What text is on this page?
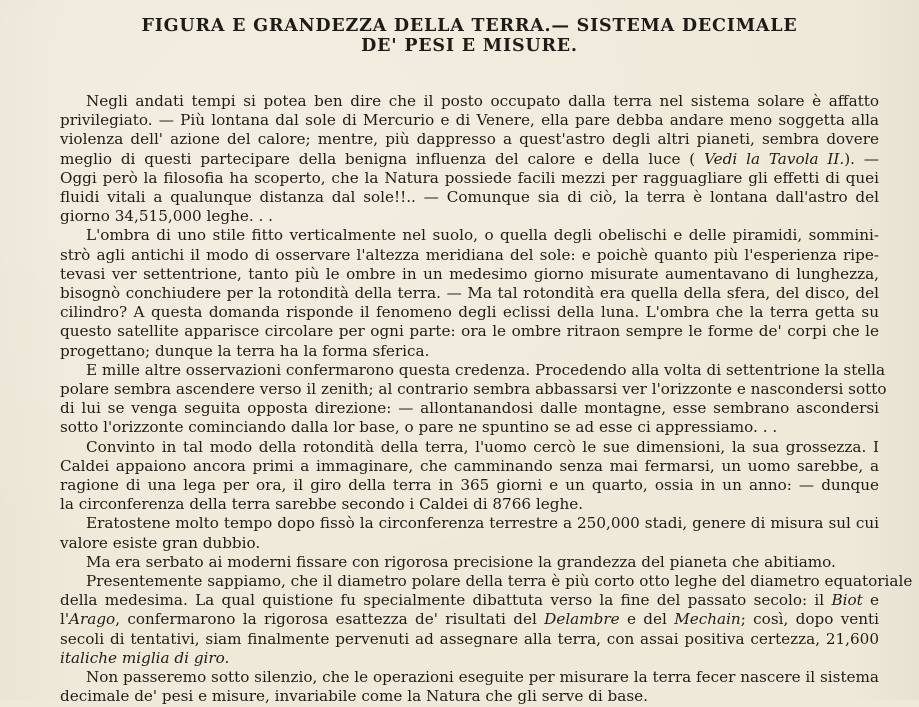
FIGURA E GRANDEZZA DELLA TERRA.— SISTEMA DECIMALE
DE' PESI E MISURE.
Negli andati tempi si potea ben dire che il posto occupato dalla terra nel sistema solare è affatto
privilegiato. — Più lontana dal sole di Mercurio e di Venere, ella pare debba andare meno soggetta alla
violenza dell' azione del calore; mentre, più dappresso a quest'astro degli altri pianeti, sembra dovere
meglio di questi partecipare della benigna influenza del calore e della luce ( Vedi la Tavola II.). —
Oggi però la filosofia ha scoperto, che la Natura possiede facili mezzi per ragguagliare gli effetti di quei
fluidi vitali a qualunque distanza dal sole!!.. — Comunque sia di ciò, la terra è lontana dall'astro del
giorno 34,515,000 leghe. . .
L'ombra di uno stile fitto verticalmente nel suolo, o quella degli obelischi e delle piramidi, sommini-
strò agli antichi il modo di osservare l'altezza meridiana del sole: e poichè quanto più l'esperienza ripe-
tevasi ver settentrione, tanto più le ombre in un medesimo giorno misurate aumentavano di lunghezza,
bisognò conchiudere per la rotondità della terra. — Ma tal rotondità era quella della sfera, del disco, del
cilindro? A questa domanda risponde il fenomeno degli eclissi della luna. L'ombra che la terra getta su
questo satellite apparisce circolare per ogni parte: ora le ombre ritraon sempre le forme de' corpi che le
progettano; dunque la terra ha la forma sferica.
E mille altre osservazioni confermarono questa credenza. Procedendo alla volta di settentrione la stella
polare sembra ascendere verso il zenith; al contrario sembra abbassarsi ver l'orizzonte e nascondersi sotto
di lui se venga seguita opposta direzione: — allontanandosi dalle montagne, esse sembrano ascondersi
sotto l'orizzonte cominciando dalla lor base, o pare ne spuntino se ad esse ci appressiamo. . .
Convinto in tal modo della rotondità della terra, l'uomo cercò le sue dimensioni, la sua grossezza. I
Caldei appaiono ancora primi a immaginare, che camminando senza mai fermarsi, un uomo sarebbe, a
ragione di una lega per ora, il giro della terra in 365 giorni e un quarto, ossia in un anno: — dunque
la circonferenza della terra sarebbe secondo i Caldei di 8766 leghe.
Eratostene molto tempo dopo fissò la circonferenza terrestre a 250,000 stadi, genere di misura sul cui
valore esiste gran dubbio.
Ma era serbato ai moderni fissare con rigorosa precisione la grandezza del pianeta che abitiamo.
Presentemente sappiamo, che il diametro polare della terra è più corto otto leghe del diametro equatoriale
della medesima. La qual quistione fu specialmente dibattuta verso la fine del passato secolo: il Biot e
l'Arago, confermarono la rigorosa esattezza de' risultati del Delambre e del Mechain; così, dopo venti
secoli di tentativi, siam finalmente pervenuti ad assegnare alla terra, con assai positiva certezza, 21,600
italiche miglia di giro.
Non passeremo sotto silenzio, che le operazioni eseguite per misurare la terra fecer nascere il sistema
decimale de' pesi e misure, invariabile come la Natura che gli serve di base.
